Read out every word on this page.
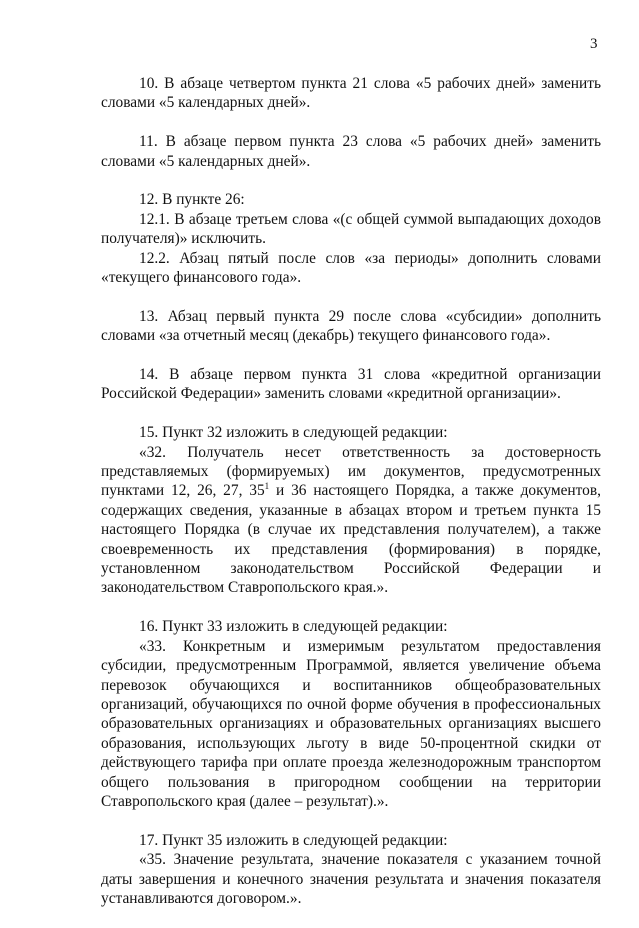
3

10. В абзаце четвертом пункта 21 слова «5 рабочих дней» заменить словами «5 календарных дней».

11. В абзаце первом пункта 23 слова «5 рабочих дней» заменить словами «5 календарных дней».

12. В пункте 26:

12.1. В абзаце третьем слова «(с общей суммой выпадающих доходов получателя)» исключить.

12.2. Абзац пятый после слов «за периоды» дополнить словами «текущего финансового года».

13. Абзац первый пункта 29 после слова «субсидии» дополнить словами «за отчетный месяц (декабрь) текущего финансового года».

14. В абзаце первом пункта 31 слова «кредитной организации Российской Федерации» заменить словами «кредитной организации».

15. Пункт 32 изложить в следующей редакции:

«32. Получатель несет ответственность за достоверность представляемых (формируемых) им документов, предусмотренных пунктами 12, 26, 27, $35^1$ и 36 настоящего Порядка, а также документов, содержащих сведения, указанные в абзацах втором и третьем пункта 15 настоящего Порядка (в случае их представления получателем), а также своевременность их представления (формирования) в порядке, установленном законодательством Российской Федерации и законодательством Ставропольского края.».

16. Пункт 33 изложить в следующей редакции:

«33. Конкретным и измеримым результатом предоставления субсидии, предусмотренным Программой, является увеличение объема перевозок обучающихся и воспитанников общеобразовательных организаций, обучающихся по очной форме обучения в профессиональных образовательных организациях и образовательных организациях высшего образования, использующих льготу в виде 50-процентной скидки от действующего тарифа при оплате проезда железнодорожным транспортом общего пользования в пригородном сообщении на территории Ставропольского края (далее – результат).».

17. Пункт 35 изложить в следующей редакции:

«35. Значение результата, значение показателя с указанием точной даты завершения и конечного значения результата и значения показателя устанавливаются договором.».
